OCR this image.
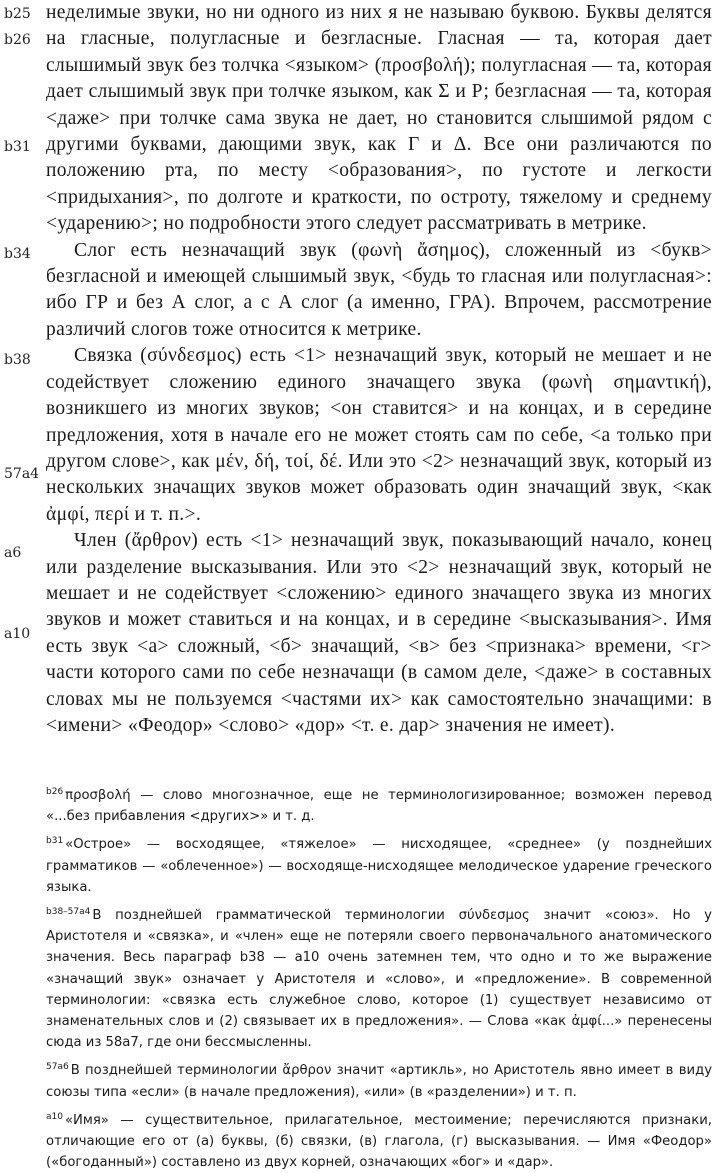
b25
b26
b31
b34
b38
57a4
a6
a10

неделимые звуки, но ни одного из них я не называю буквою. Буквы делятся на гласные, полугласные и безгласные. Гласная — та, которая дает слышимый звук без толчка <языком> (προσβολή); полугласная — та, которая дает слышимый звук при толчке языком, как Σ и Р; безгласная — та, которая <даже> при толчке сама звука не дает, но становится слышимой рядом с другими буквами, дающими звук, как Γ и Δ. Все они различаются по положению рта, по месту <образования>, по густоте и легкости <придыхания>, по долготе и краткости, по остроту, тяжелому и среднему <ударению>; но подробности этого следует рассматривать в метрике.

Слог есть незначащий звук (φωνὴ ἄσημος), сложенный из <букв> безгласной и имеющей слышимый звук, <будь то гласная или полугласная>: ибо ГР и без А слог, а с А слог (а именно, ГРА). Впрочем, рассмотрение различий слогов тоже относится к метрике.

Связка (σύνδεσμος) есть <1> незначащий звук, который не мешает и не содействует сложению единого значащего звука (φωνὴ σημαντική), возникшего из многих звуков; <он ставится> и на концах, и в середине предложения, хотя в начале его не может стоять сам по себе, <а только при другом слове>, как μέν, δή, τοί, δέ. Или это <2> незначащий звук, который из нескольких значащих звуков может образовать один значащий звук, <как ἀμφί, περί и т. п.>.

Член (ἄρθρον) есть <1> незначащий звук, показывающий начало, конец или разделение высказывания. Или это <2> незначащий звук, который не мешает и не содействует <сложению> единого значащего звука из многих звуков и может ставиться и на концах, и в середине <высказывания>. Имя есть звук <а> сложный, <б> значащий, <в> без <признака> времени, <г> части которого сами по себе незначащи (в самом деле, <даже> в составных словах мы не пользуемся <частями их> как самостоятельно значащими: в <имени> «Феодор» <слово> «дор» <т. е. дар> значения не имеет).

$^{b26}$ προσβολή — слово многозначное, еще не терминологизированное; возможен перевод «...без прибавления <других>» и т. д.

$^{b31}$ «Острое» — восходящее, «тяжелое» — нисходящее, «среднее» (у позднейших грамматиков — «облеченное») — восходяще-нисходящее мелодическое ударение греческого языка.

$^{b38-57a4}$ В позднейшей грамматической терминологии σύνδεσμος значит «союз». Но у Аристотеля и «связка», и «член» еще не потеряли своего первоначального анатомического значения. Весь параграф b38 — a10 очень затемнен тем, что одно и то же выражение «значащий звук» означает у Аристотеля и «слово», и «предложение». В современной терминологии: «связка есть служебное слово, которое (1) существует независимо от знаменательных слов и (2) связывает их в предложения». — Слова «как ἀμφί...» перенесены сюда из 58а7, где они бессмысленны.

$^{57a6}$ В позднейшей терминологии ἄρθρον значит «артикль», но Аристотель явно имеет в виду союзы типа «если» (в начале предложения), «или» (в «разделении») и т. п.

$^{a10}$ «Имя» — существительное, прилагательное, местоимение; перечисляются признаки, отличающие его от (а) буквы, (б) связки, (в) глагола, (г) высказывания. — Имя «Феодор» («богоданный») составлено из двух корней, означающих «бог» и «дар».
